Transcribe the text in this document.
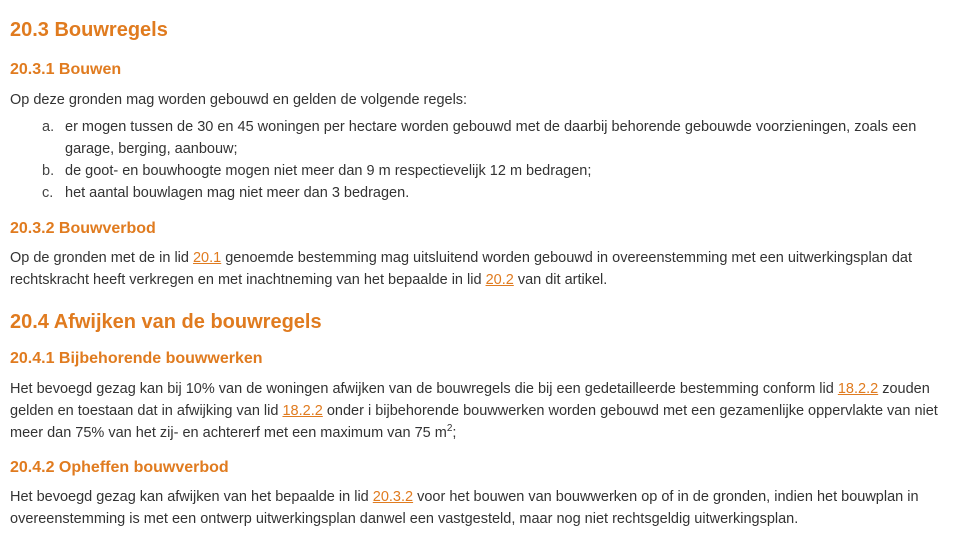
20.3 Bouwregels
20.3.1 Bouwen

Op deze gronden mag worden gebouwd en gelden de volgende regels:

a. er mogen tussen de 30 en 45 woningen per hectare worden gebouwd met de daarbij behorende gebouwde voorzieningen, zoals een garage, berging, aanbouw;
b. de goot- en bouwhoogte mogen niet meer dan 9 m respectievelijk 12 m bedragen;
c. het aantal bouwlagen mag niet meer dan 3 bedragen.
20.3.2 Bouwverbod

Op de gronden met de in lid 20.1 genoemde bestemming mag uitsluitend worden gebouwd in overeenstemming met een uitwerkingsplan dat rechtskracht heeft verkregen en met inachtneming van het bepaalde in lid 20.2 van dit artikel.

20.4 Afwijken van de bouwregels
20.4.1 Bijbehorende bouwwerken

Het bevoegd gezag kan bij 10% van de woningen afwijken van de bouwregels die bij een gedetailleerde bestemming conform lid 18.2.2 zouden gelden en toestaan dat in afwijking van lid 18.2.2 onder i bijbehorende bouwwerken worden gebouwd met een gezamenlijke oppervlakte van niet meer dan 75% van het zij- en achtererf met een maximum van 75 $m^2$;

20.4.2 Opheffen bouwverbod

Het bevoegd gezag kan afwijken van het bepaalde in lid 20.3.2 voor het bouwen van bouwwerken op of in de gronden, indien het bouwplan in overeenstemming is met een ontwerp uitwerkingsplan danwel een vastgesteld, maar nog niet rechtsgeldig uitwerkingsplan.
